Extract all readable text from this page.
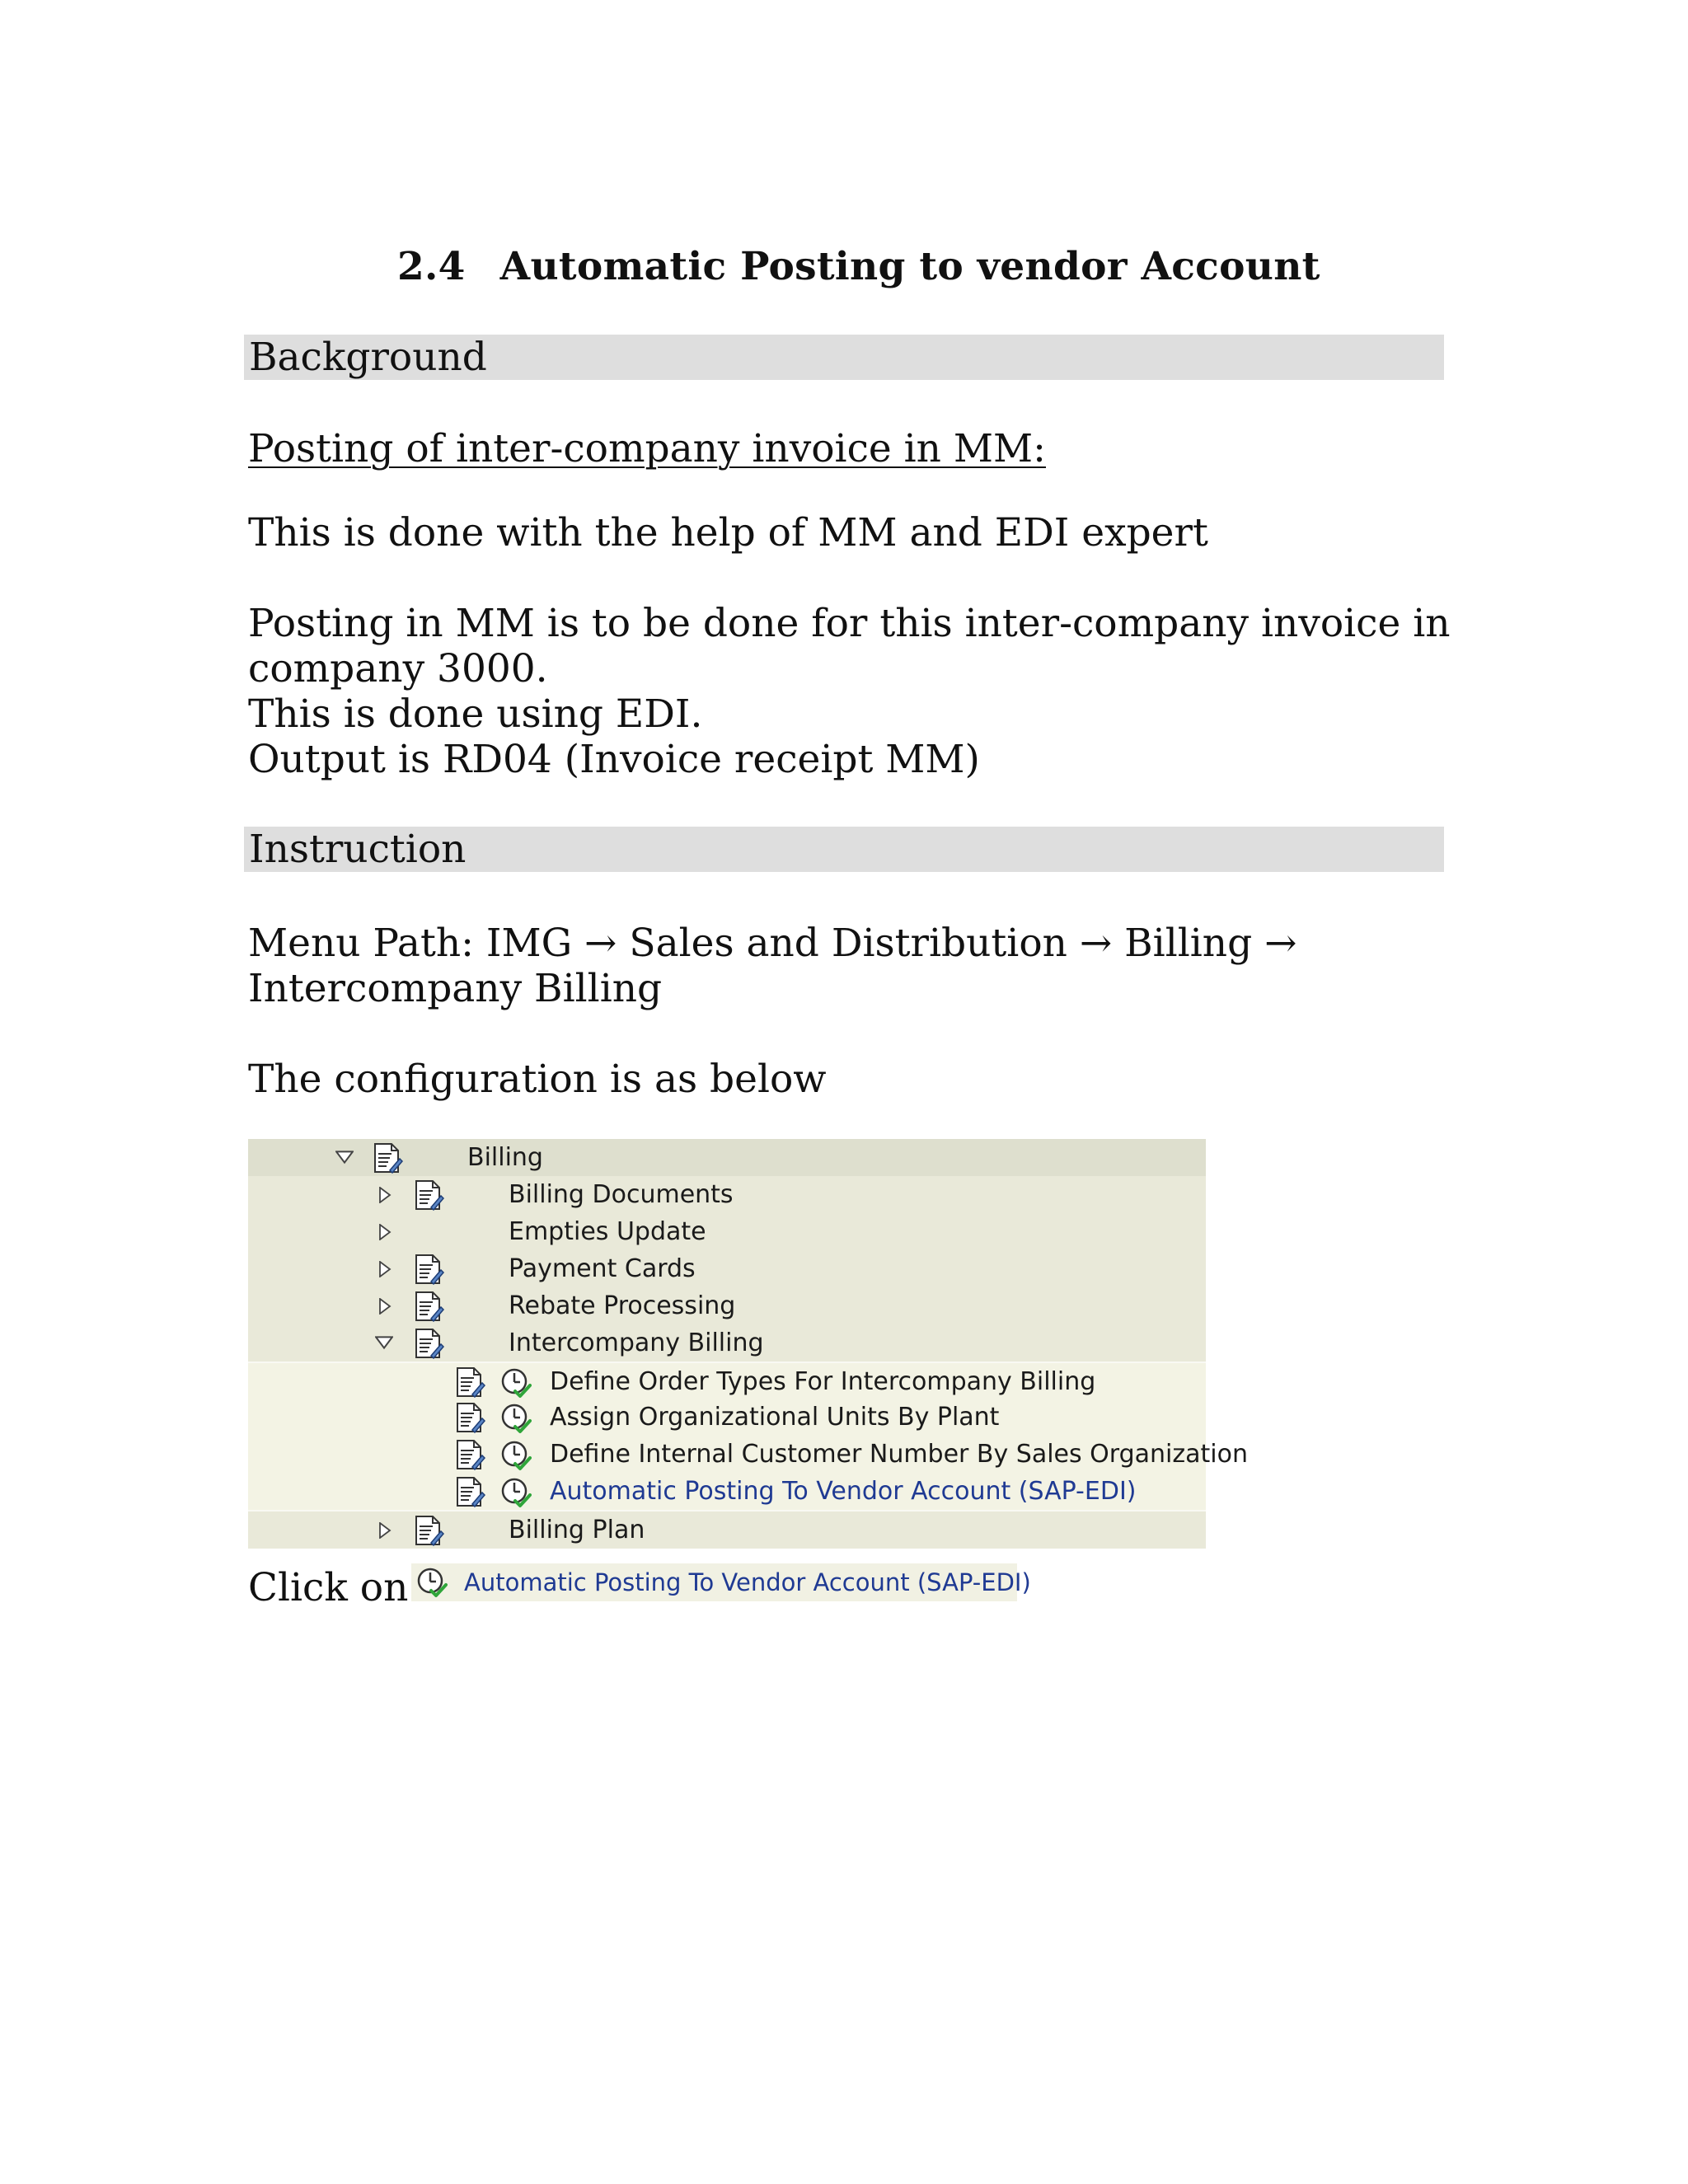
2.4 Automatic Posting to vendor Account
Background

Posting of inter-company invoice in MM:

This is done with the help of MM and EDI expert

Posting in MM is to be done for this inter-company invoice in

company 3000.

This is done using EDI.

Output is RD04 (Invoice receipt MM)

Instruction

Menu Path: IMG → Sales and Distribution → Billing →

Intercompany Billing

The configuration is as below

Billing
Billing Documents
Empties Update
Payment Cards
Rebate Processing
Intercompany Billing
Define Order Types For Intercompany Billing
Assign Organizational Units By Plant
Define Internal Customer Number By Sales Organization
Automatic Posting To Vendor Account (SAP-EDI)
Billing Plan
Click on Automatic Posting To Vendor Account (SAP-EDI)
